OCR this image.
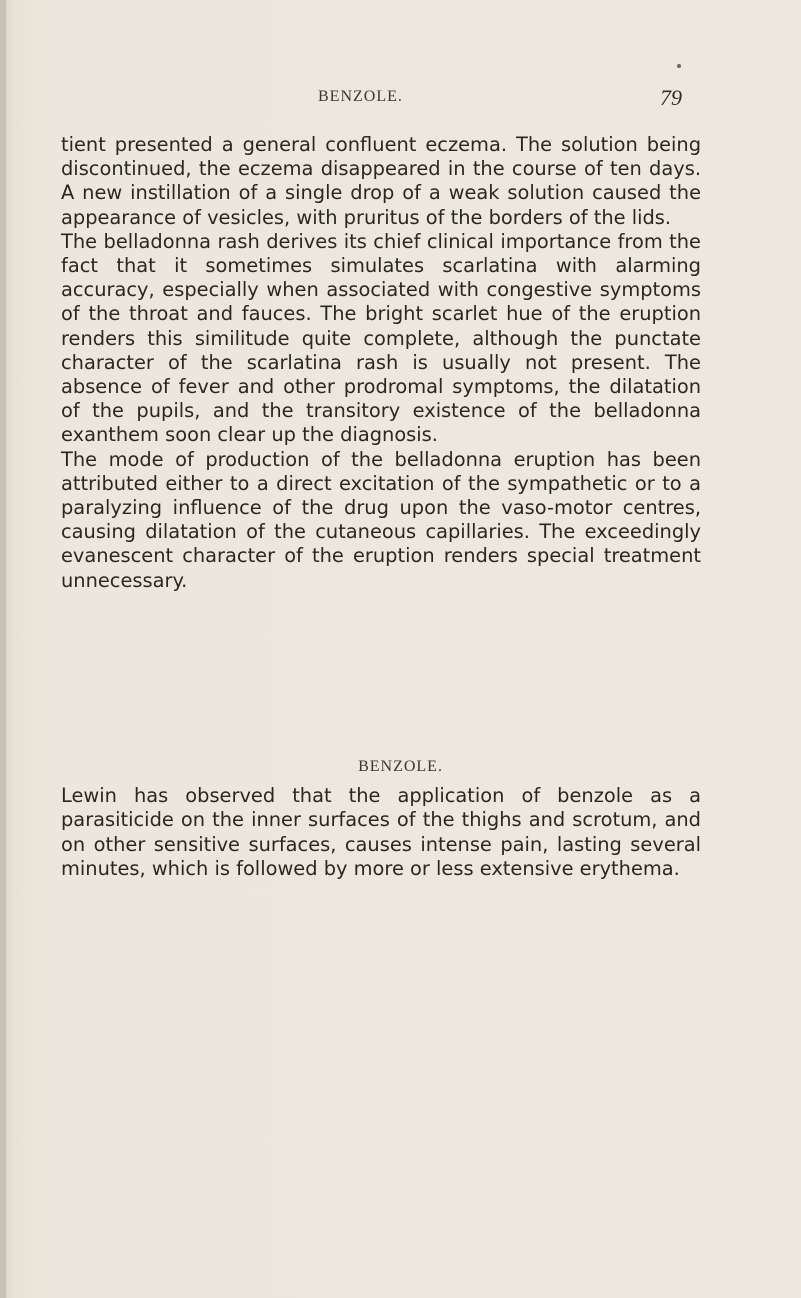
BENZOLE.	79

tient presented a general confluent eczema. The solution being discontinued, the eczema disappeared in the course of ten days. A new instillation of a single drop of a weak solution caused the appearance of vesicles, with pruritus of the borders of the lids.

The belladonna rash derives its chief clinical importance from the fact that it sometimes simulates scarlatina with alarming accuracy, especially when associated with congestive symptoms of the throat and fauces. The bright scarlet hue of the eruption renders this similitude quite complete, although the punctate character of the scarlatina rash is usually not present. The absence of fever and other prodromal symptoms, the dilatation of the pupils, and the transitory existence of the belladonna exanthem soon clear up the diagnosis.

The mode of production of the belladonna eruption has been attributed either to a direct excitation of the sympathetic or to a paralyzing influence of the drug upon the vaso-motor centres, causing dilatation of the cutaneous capillaries. The exceedingly evanescent character of the eruption renders special treatment unnecessary.

BENZOLE.

Lewin has observed that the application of benzole as a parasiticide on the inner surfaces of the thighs and scrotum, and on other sensitive surfaces, causes intense pain, lasting several minutes, which is followed by more or less extensive erythema.
